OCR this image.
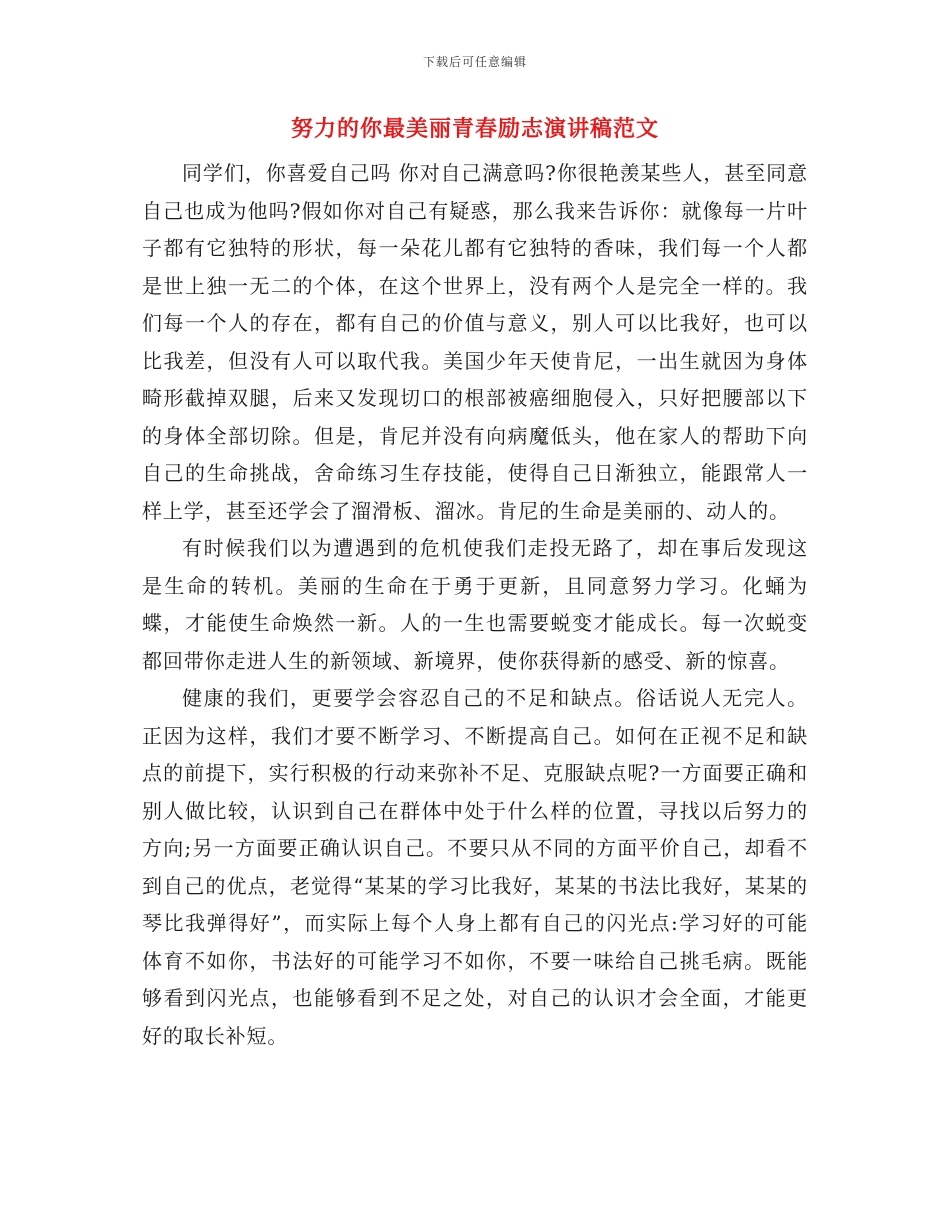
下载后可任意编辑
努力的你最美丽青春励志演讲稿范文

同学们，你喜爱自己吗 你对自己满意吗?你很艳羡某些人，甚至同意自己也成为他吗?假如你对自己有疑惑，那么我来告诉你：就像每一片叶子都有它独特的形状，每一朵花儿都有它独特的香味，我们每一个人都是世上独一无二的个体，在这个世界上，没有两个人是完全一样的。我们每一个人的存在，都有自己的价值与意义，别人可以比我好，也可以比我差，但没有人可以取代我。美国少年天使肯尼，一出生就因为身体畸形截掉双腿，后来又发现切口的根部被癌细胞侵入，只好把腰部以下的身体全部切除。但是，肯尼并没有向病魔低头，他在家人的帮助下向自己的生命挑战，舍命练习生存技能，使得自己日渐独立，能跟常人一样上学，甚至还学会了溜滑板、溜冰。肯尼的生命是美丽的、动人的。

有时候我们以为遭遇到的危机使我们走投无路了，却在事后发现这是生命的转机。美丽的生命在于勇于更新，且同意努力学习。化蛹为蝶，才能使生命焕然一新。人的一生也需要蜕变才能成长。每一次蜕变都回带你走进人生的新领域、新境界，使你获得新的感受、新的惊喜。

健康的我们，更要学会容忍自己的不足和缺点。俗话说人无完人。正因为这样，我们才要不断学习、不断提高自己。如何在正视不足和缺点的前提下，实行积极的行动来弥补不足、克服缺点呢?一方面要正确和别人做比较，认识到自己在群体中处于什么样的位置，寻找以后努力的方向;另一方面要正确认识自己。不要只从不同的方面平价自己，却看不到自己的优点，老觉得“某某的学习比我好，某某的书法比我好，某某的琴比我弹得好”，而实际上每个人身上都有自己的闪光点:学习好的可能体育不如你，书法好的可能学习不如你，不要一味给自己挑毛病。既能够看到闪光点，也能够看到不足之处，对自己的认识才会全面，才能更好的取长补短。
